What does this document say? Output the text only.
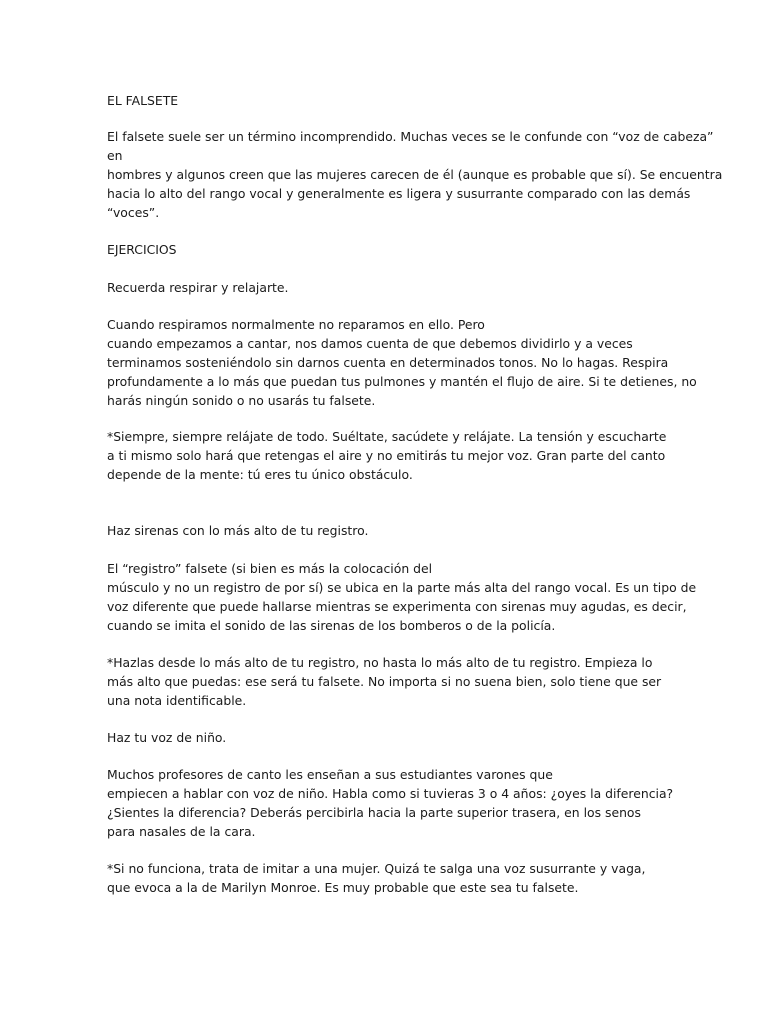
EL FALSETE
El falsete suele ser un término incomprendido. Muchas veces se le confunde con “voz de cabeza”
en
hombres y algunos creen que las mujeres carecen de él (aunque es probable que sí). Se encuentra
hacia lo alto del rango vocal y generalmente es ligera y susurrante comparado con las demás
“voces”.
EJERCICIOS
Recuerda respirar y relajarte.
Cuando respiramos normalmente no reparamos en ello. Pero
cuando empezamos a cantar, nos damos cuenta de que debemos dividirlo y a veces
terminamos sosteniéndolo sin darnos cuenta en determinados tonos. No lo hagas. Respira
profundamente a lo más que puedan tus pulmones y mantén el flujo de aire. Si te detienes, no
harás ningún sonido o no usarás tu falsete.
*Siempre, siempre relájate de todo. Suéltate, sacúdete y relájate. La tensión y escucharte
a ti mismo solo hará que retengas el aire y no emitirás tu mejor voz. Gran parte del canto
depende de la mente: tú eres tu único obstáculo.
Haz sirenas con lo más alto de tu registro.
El “registro” falsete (si bien es más la colocación del
músculo y no un registro de por sí) se ubica en la parte más alta del rango vocal. Es un tipo de
voz diferente que puede hallarse mientras se experimenta con sirenas muy agudas, es decir,
cuando se imita el sonido de las sirenas de los bomberos o de la policía.
*Hazlas desde lo más alto de tu registro, no hasta lo más alto de tu registro. Empieza lo
más alto que puedas: ese será tu falsete. No importa si no suena bien, solo tiene que ser
una nota identificable.
Haz tu voz de niño.
Muchos profesores de canto les enseñan a sus estudiantes varones que
empiecen a hablar con voz de niño. Habla como si tuvieras 3 o 4 años: ¿oyes la diferencia?
¿Sientes la diferencia? Deberás percibirla hacia la parte superior trasera, en los senos
para nasales de la cara.
*Si no funciona, trata de imitar a una mujer. Quizá te salga una voz susurrante y vaga,
que evoca a la de Marilyn Monroe. Es muy probable que este sea tu falsete.
